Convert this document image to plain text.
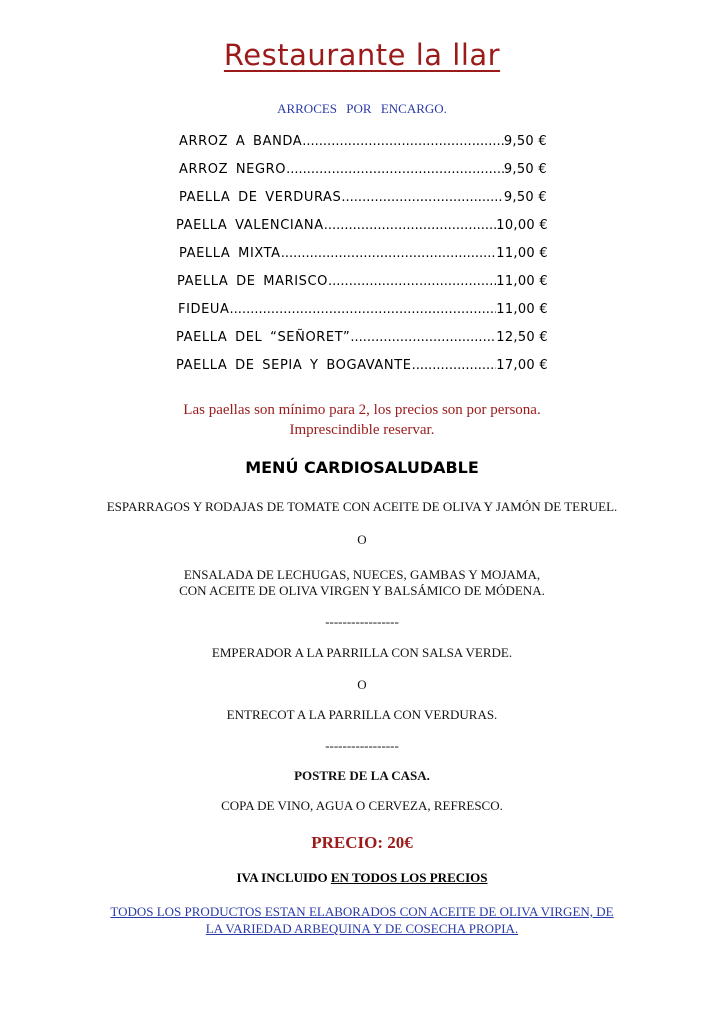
Restaurante la llar
ARROCES POR ENCARGO.
ARROZ A BANDA .....	9,50 €
ARROZ NEGRO .....	9,50 €
PAELLA DE VERDURAS .....	9,50 €
PAELLA VALENCIANA .....	10,00 €
PAELLA MIXTA .....	11,00 €
PAELLA DE MARISCO .....	11,00 €
FIDEUA .....	11,00 €
PAELLA DEL “SEÑORET” .....	12,50 €
PAELLA DE SEPIA Y BOGAVANTE .....	17,00 €
Las paellas son mínimo para 2, los precios son por persona.
Imprescindible reservar.
MENÚ CARDIOSALUDABLE
ESPARRAGOS Y RODAJAS DE TOMATE CON ACEITE DE OLIVA Y JAMÓN DE TERUEL.
O
ENSALADA DE LECHUGAS, NUECES, GAMBAS Y MOJAMA,
CON ACEITE DE OLIVA VIRGEN Y BALSÁMICO DE MÓDENA.
-----------------
EMPERADOR A LA PARRILLA CON SALSA VERDE.
O
ENTRECOT A LA PARRILLA CON VERDURAS.
-----------------
POSTRE DE LA CASA.
COPA DE VINO, AGUA O CERVEZA, REFRESCO.
PRECIO: 20€
IVA INCLUIDO EN TODOS LOS PRECIOS
TODOS LOS PRODUCTOS ESTAN ELABORADOS CON ACEITE DE OLIVA VIRGEN, DE
LA VARIEDAD ARBEQUINA Y DE COSECHA PROPIA.
